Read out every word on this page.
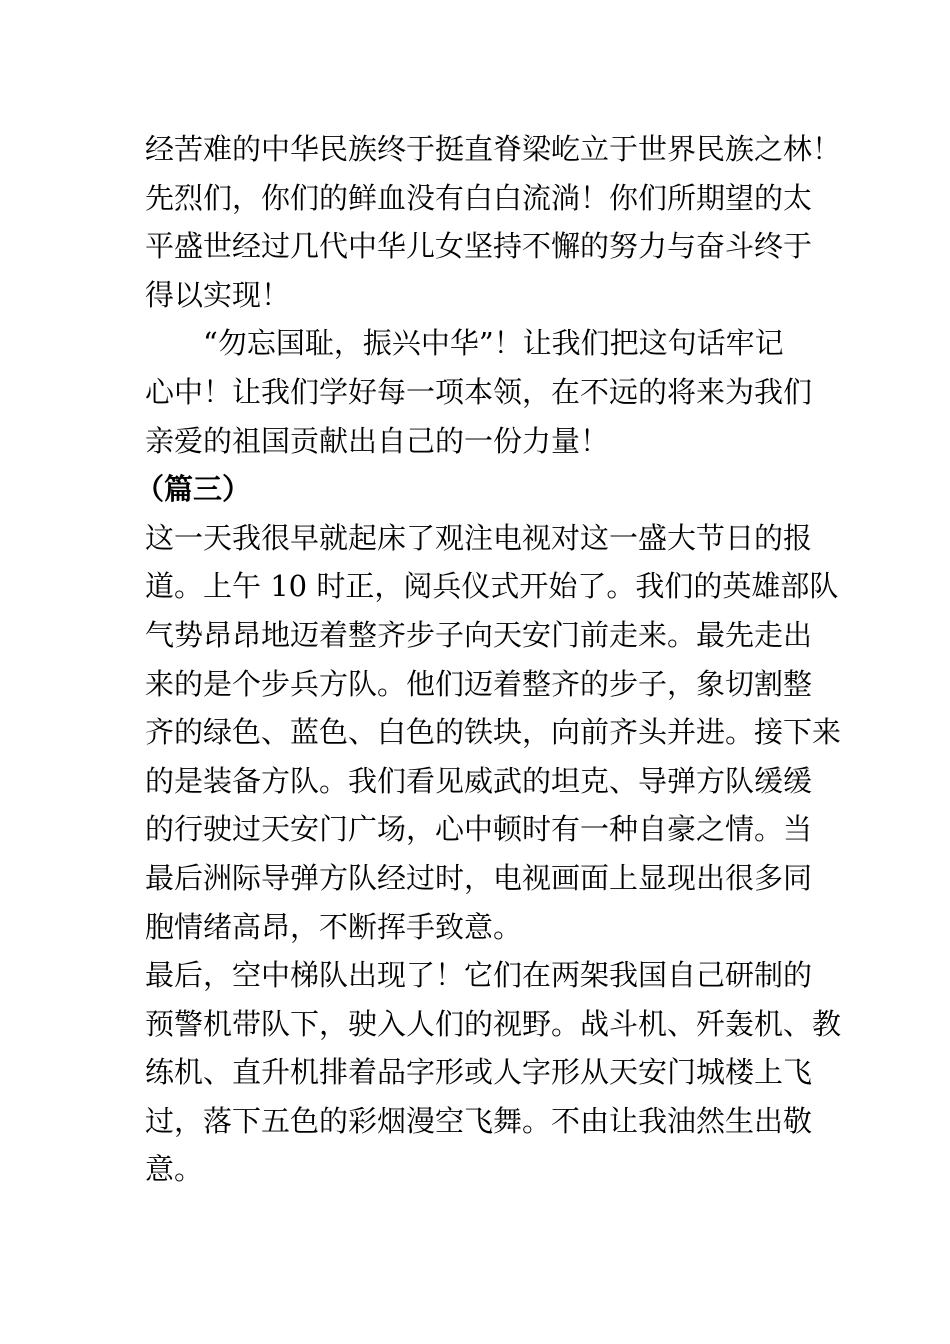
经苦难的中华民族终于挺直脊梁屹立于世界民族之林！
先烈们，你们的鲜血没有白白流淌！你们所期望的太
平盛世经过几代中华儿女坚持不懈的努力与奋斗终于
得以实现！
“勿忘国耻，振兴中华”！让我们把这句话牢记
心中！让我们学好每一项本领，在不远的将来为我们
亲爱的祖国贡献出自己的一份力量！
（篇三）
这一天我很早就起床了观注电视对这一盛大节日的报
道。上午 10 时正，阅兵仪式开始了。我们的英雄部队
气势昂昂地迈着整齐步子向天安门前走来。最先走出
来的是个步兵方队。他们迈着整齐的步子，象切割整
齐的绿色、蓝色、白色的铁块，向前齐头并进。接下来
的是装备方队。我们看见威武的坦克、导弹方队缓缓
的行驶过天安门广场，心中顿时有一种自豪之情。当
最后洲际导弹方队经过时，电视画面上显现出很多同
胞情绪高昂，不断挥手致意。
最后，空中梯队出现了！它们在两架我国自己研制的
预警机带队下，驶入人们的视野。战斗机、歼轰机、教
练机、直升机排着品字形或人字形从天安门城楼上飞
过，落下五色的彩烟漫空飞舞。不由让我油然生出敬
意。
